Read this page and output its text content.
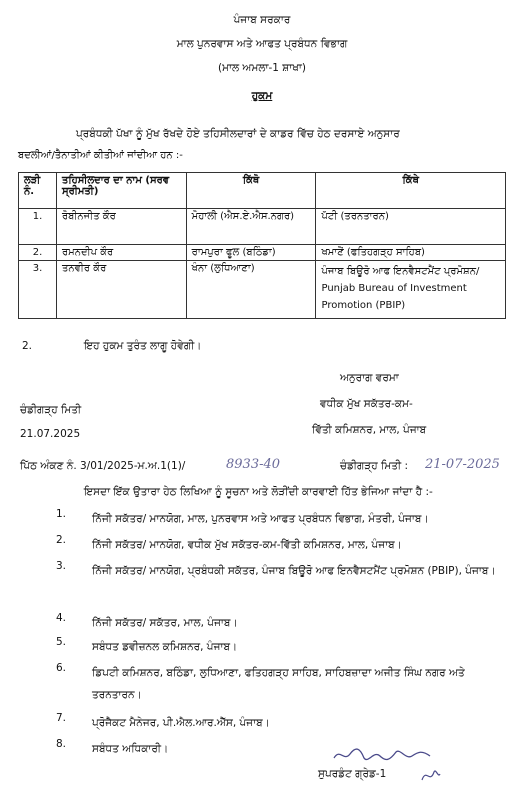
ਪੰਜਾਬ ਸਰਕਾਰ
ਮਾਲ ਪੁਨਰਵਾਸ ਅਤੇ ਆਫਤ ਪ੍ਰਬੰਧਨ ਵਿਭਾਗ
(ਮਾਲ ਅਮਲਾ-1 ਸ਼ਾਖਾ)
ਹੁਕਮ
ਪ੍ਰਬੰਧਕੀ ਪੱਖਾ ਨੂੰ ਮੁੱਖ ਰੱਖਦੇ ਹੋਏ ਤਹਿਸੀਲਦਾਰਾਂ ਦੇ ਕਾਡਰ ਵਿੱਚ ਹੇਠ ਦਰਸਾਏ ਅਨੁਸਾਰ
ਬਦਲੀਆਂ/ਤੈਨਾਤੀਆਂ ਕੀਤੀਆਂ ਜਾਂਦੀਆ ਹਨ :-
ਲੜੀ ਨੰ.	ਤਹਿਸੀਲਦਾਰ ਦਾ ਨਾਮ (ਸਰਵ ਸ੍ਰੀਮਤੀ)	ਕਿੱਥੋ	ਕਿੱਥੇ
1.	ਰੋਬੀਨਜੀਤ ਕੌਰ	ਮੋਹਾਲੀ (ਐਸ.ਏ.ਐਸ.ਨਗਰ)	ਪੱਟੀ (ਤਰਨਤਾਰਨ)
2.	ਰਮਨਦੀਪ ਕੌਰ	ਰਾਮਪੁਰਾ ਫੂਲ (ਬਠਿੰਡਾ)	ਖਮਾਣੋਂ (ਫਤਿਹਗੜ੍ਹ ਸਾਹਿਬ)
3.	ਤਨਵੀਰ ਕੌਰ	ਖੰਨਾ (ਲੁਧਿਆਣਾ)	ਪੰਜਾਬ ਬਿਊਰੋ ਆਫ ਇਨਵੈਸਟਮੈਂਟ ਪ੍ਰਮੋਸ਼ਨ/ Punjab Bureau of Investment Promotion (PBIP)
2.	ਇਹ ਹੁਕਮ ਤੁਰੰਤ ਲਾਗੂ ਹੋਵੇਗੀ।
ਅਨੁਰਾਗ ਵਰਮਾ
ਵਧੀਕ ਮੁੱਖ ਸਕੱਤਰ-ਕਮ-
ਵਿੱਤੀ ਕਮਿਸ਼ਨਰ, ਮਾਲ, ਪੰਜਾਬ
ਚੰਡੀਗੜ੍ਹ ਮਿਤੀ
21.07.2025
ਪਿੱਠ ਅੰਕਣ ਨੰ. 3/01/2025-ਮ.ਅ.1(1)/	8933-40	ਚੰਡੀਗੜ੍ਹ ਮਿਤੀ : 21-07-2025
ਇਸਦਾ ਇੱਕ ਉਤਾਰਾ ਹੇਠ ਲਿਖਿਆ ਨੂੰ ਸੂਚਨਾ ਅਤੇ ਲੋੜੀਂਦੀ ਕਾਰਵਾਈ ਹਿੱਤ ਭੇਜਿਆ ਜਾਂਦਾ ਹੈ :-
1. ਨਿੱਜੀ ਸਕੱਤਰ/ ਮਾਨਯੋਗ, ਮਾਲ, ਪੁਨਰਵਾਸ ਅਤੇ ਆਫਤ ਪ੍ਰਬੰਧਨ ਵਿਭਾਗ, ਮੰਤਰੀ, ਪੰਜਾਬ।
2. ਨਿੱਜੀ ਸਕੱਤਰ/ ਮਾਨਯੋਗ, ਵਧੀਕ ਮੁੱਖ ਸਕੱਤਰ-ਕਮ-ਵਿੱਤੀ ਕਮਿਸ਼ਨਰ, ਮਾਲ, ਪੰਜਾਬ।
3. ਨਿੱਜੀ ਸਕੱਤਰ/ ਮਾਨਯੋਗ, ਪ੍ਰਬੰਧਕੀ ਸਕੱਤਰ, ਪੰਜਾਬ ਬਿਊਰੋ ਆਫ ਇਨਵੈਸਟਮੈਂਟ ਪ੍ਰਮੋਸ਼ਨ (PBIP), ਪੰਜਾਬ।
4. ਨਿੱਜੀ ਸਕੱਤਰ/ ਸਕੱਤਰ, ਮਾਲ, ਪੰਜਾਬ।
5. ਸਬੰਧਤ ਡਵੀਜ਼ਨਲ ਕਮਿਸ਼ਨਰ, ਪੰਜਾਬ।
6. ਡਿਪਟੀ ਕਮਿਸ਼ਨਰ, ਬਠਿੰਡਾ, ਲੁਧਿਆਣਾ, ਫਤਿਹਗੜ੍ਹ ਸਾਹਿਬ, ਸਾਹਿਬਜ਼ਾਦਾ ਅਜੀਤ ਸਿੰਘ ਨਗਰ ਅਤੇ ਤਰਨਤਾਰਨ।
7. ਪ੍ਰੋਜੈਕਟ ਮੈਨੇਜਰ, ਪੀ.ਐਲ.ਆਰ.ਐੱਸ, ਪੰਜਾਬ।
8. ਸਬੰਧਤ ਅਧਿਕਾਰੀ।
ਸੁਪਰਡੰਟ ਗ੍ਰੇਡ-1
